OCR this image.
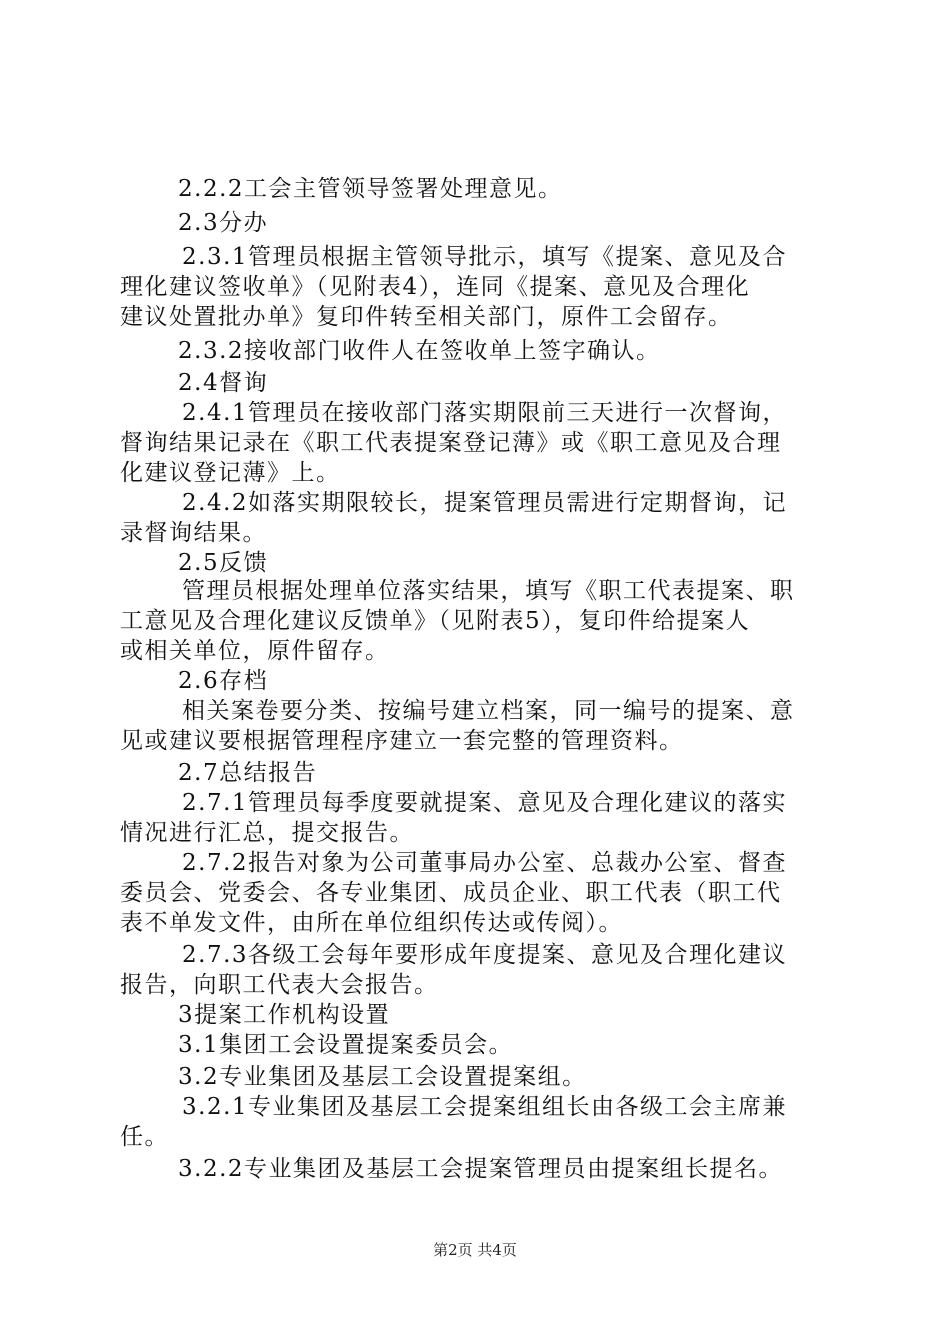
2.2.2工会主管领导签署处理意见。
2.3分办
2.3.1管理员根据主管领导批示，填写《提案、意见及合
理化建议签收单》（见附表4），连同《提案、意见及合理化
建议处置批办单》复印件转至相关部门，原件工会留存。
2.3.2接收部门收件人在签收单上签字确认。
2.4督询
2.4.1管理员在接收部门落实期限前三天进行一次督询，
督询结果记录在《职工代表提案登记薄》或《职工意见及合理
化建议登记薄》上。
2.4.2如落实期限较长，提案管理员需进行定期督询，记
录督询结果。
2.5反馈
管理员根据处理单位落实结果，填写《职工代表提案、职
工意见及合理化建议反馈单》（见附表5），复印件给提案人
或相关单位，原件留存。
2.6存档
相关案卷要分类、按编号建立档案，同一编号的提案、意
见或建议要根据管理程序建立一套完整的管理资料。
2.7总结报告
2.7.1管理员每季度要就提案、意见及合理化建议的落实
情况进行汇总，提交报告。
2.7.2报告对象为公司董事局办公室、总裁办公室、督查
委员会、党委会、各专业集团、成员企业、职工代表（职工代
表不单发文件，由所在单位组织传达或传阅）。
2.7.3各级工会每年要形成年度提案、意见及合理化建议
报告，向职工代表大会报告。
3提案工作机构设置
3.1集团工会设置提案委员会。
3.2专业集团及基层工会设置提案组。
3.2.1专业集团及基层工会提案组组长由各级工会主席兼
任。
3.2.2专业集团及基层工会提案管理员由提案组长提名。
第2页 共4页
